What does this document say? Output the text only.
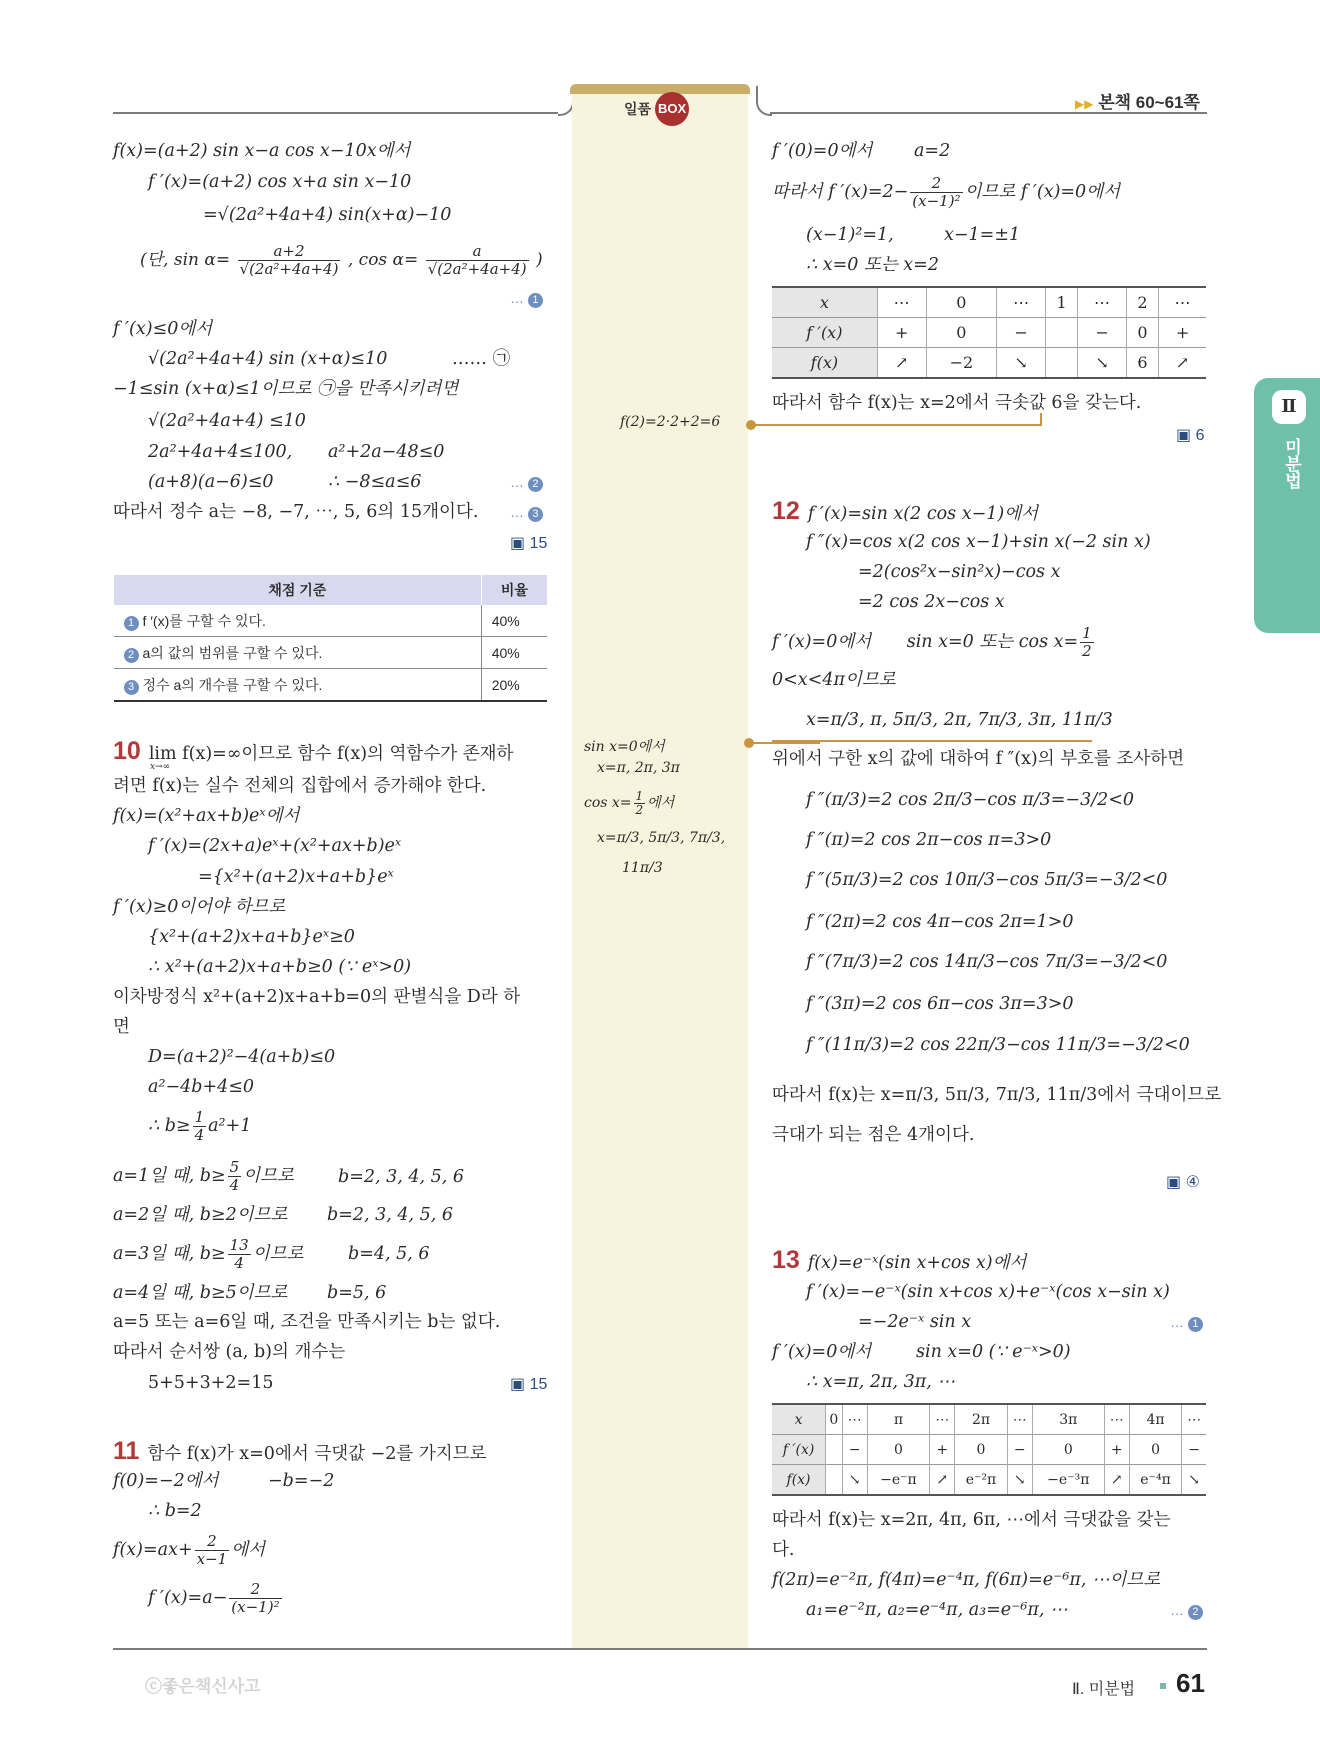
일품 BOX	▶▶ 본책 60~61쪽
Ⅱ
미분법
f(x)=(a+2) sin x−a cos x−10x에서
f ′(x)=(a+2) cos x+a sin x−10
=√(2a²+4a+4) sin(x+α)−10
(단, $\sin \alpha= \frac{a+2}{\text{√(2a²+4a+4)}}$ , $\cos \alpha= \frac{a}{\text{√(2a²+4a+4)}}$ )
… 1
f ′(x)≤0에서
√(2a²+4a+4) sin (x+α)≤10	…… ㉠
−1≤sin (x+α)≤1이므로 ㉠을 만족시키려면
√(2a²+4a+4) ≤10
2a²+4a+4≤100, a²+2a−48≤0
(a+8)(a−6)≤0	∴ −8≤a≤6	… 2
따라서 정수 a는 −8, −7, ⋯, 5, 6의 15개이다. … 3
▣ 15
채점 기준	비율
1 f ′(x)를 구할 수 있다.	40%
2 a의 값의 범위를 구할 수 있다.	40%
3 정수 a의 개수를 구할 수 있다.	20%
10 lim f(x)=∞이므로 함수 f(x)의 역함수가 존재하
x→∞
려면 f(x)는 실수 전체의 집합에서 증가해야 한다.
f(x)=(x²+ax+b)eˣ에서
f ′(x)=(2x+a)eˣ+(x²+ax+b)eˣ
={x²+(a+2)x+a+b}eˣ
f ′(x)≥0이어야 하므로
{x²+(a+2)x+a+b}eˣ≥0
∴ x²+(a+2)x+a+b≥0 (∵ eˣ>0)
이차방정식 x²+(a+2)x+a+b=0의 판별식을 D라 하
면
D=(a+2)²−4(a+b)≤0
a²−4b+4≤0
∴ $b\ge \frac{1}{4} a^2+1$
a=1일 때, $b\ge \frac{5}{4}$ 이므로	b=2, 3, 4, 5, 6
a=2일 때, b≥2이므로 b=2, 3, 4, 5, 6
a=3일 때, $b\ge \frac{13}{4}$ 이므로	b=4, 5, 6
a=4일 때, b≥5이므로 b=5, 6
a=5 또는 a=6일 때, 조건을 만족시키는 b는 없다.
따라서 순서쌍 (a, b)의 개수는
5+5+3+2=15	▣ 15
11 함수 f(x)가 x=0에서 극댓값 −2를 가지므로
f(0)=−2에서	−b=−2
∴ b=2
$f(x)=ax+ \frac{2}{x-1}$ 에서
f $'(x)=a- \frac{2}{\text{(x−1)²}}$
f(2)=2·2+2=6
sin x=0에서
x=π, 2π, 3π
$\cos x= \frac{1}{2}$ 에서
x=π/3, 5π/3, 7π/3,
11π/3
f ′(0)=0에서 a=2
따라서 f $'(x)=2- \frac{2}{\text{(x−1)²}}$ 이므로 f ′(x)=0에서
(x−1)²=1,	x−1=±1
∴ x=0 또는 x=2
x	⋯	0	⋯	1	⋯	2	⋯
f ′(x)	+	0	−		−	0	+
f(x)	↗	−2	↘		↘	6	↗
따라서 함수 f(x)는 x=2에서 극솟값 6을 갖는다.
▣ 6
12 f ′(x)=sin x(2 cos x−1)에서
f ″(x)=cos x(2 cos x−1)+sin x(−2 sin x)
=2(cos²x−sin²x)−cos x
=2 cos 2x−cos x
f ′(x)=0에서 sin x=0 또는 $\cos x= \frac{1}{2}$
0<x<4π이므로
x=π/3, π, 5π/3, 2π, 7π/3, 3π, 11π/3
위에서 구한 x의 값에 대하여 f ″(x)의 부호를 조사하면
f ″(π/3)=2 cos 2π/3−cos π/3=−3/2<0
f ″(π)=2 cos 2π−cos π=3>0
f ″(5π/3)=2 cos 10π/3−cos 5π/3=−3/2<0
f ″(2π)=2 cos 4π−cos 2π=1>0
f ″(7π/3)=2 cos 14π/3−cos 7π/3=−3/2<0
f ″(3π)=2 cos 6π−cos 3π=3>0
f ″(11π/3)=2 cos 22π/3−cos 11π/3=−3/2<0
따라서 f(x)는 x=π/3, 5π/3, 7π/3, 11π/3에서 극대이므로
극대가 되는 점은 4개이다.
▣ ④
13 f(x)=e⁻ˣ(sin x+cos x)에서
f ′(x)=−e⁻ˣ(sin x+cos x)+e⁻ˣ(cos x−sin x)
=−2e⁻ˣ sin x	… 1
f ′(x)=0에서	sin x=0 (∵ e⁻ˣ>0)
∴ x=π, 2π, 3π, ⋯
x	0	⋯	π	⋯	2π	⋯	3π	⋯	4π	⋯
f ′(x)		−	0	+	0	−	0	+	0	−
f(x)		↘	−e⁻π	↗	e⁻²π	↘	−e⁻³π	↗	e⁻⁴π	↘
따라서 f(x)는 x=2π, 4π, 6π, ⋯에서 극댓값을 갖는
다.
f(2π)=e⁻²π, f(4π)=e⁻⁴π, f(6π)=e⁻⁶π, ⋯이므로
a₁=e⁻²π, a₂=e⁻⁴π, a₃=e⁻⁶π, ⋯	… 2
ⓒ좋은책신사고	Ⅱ. 미분법 61
